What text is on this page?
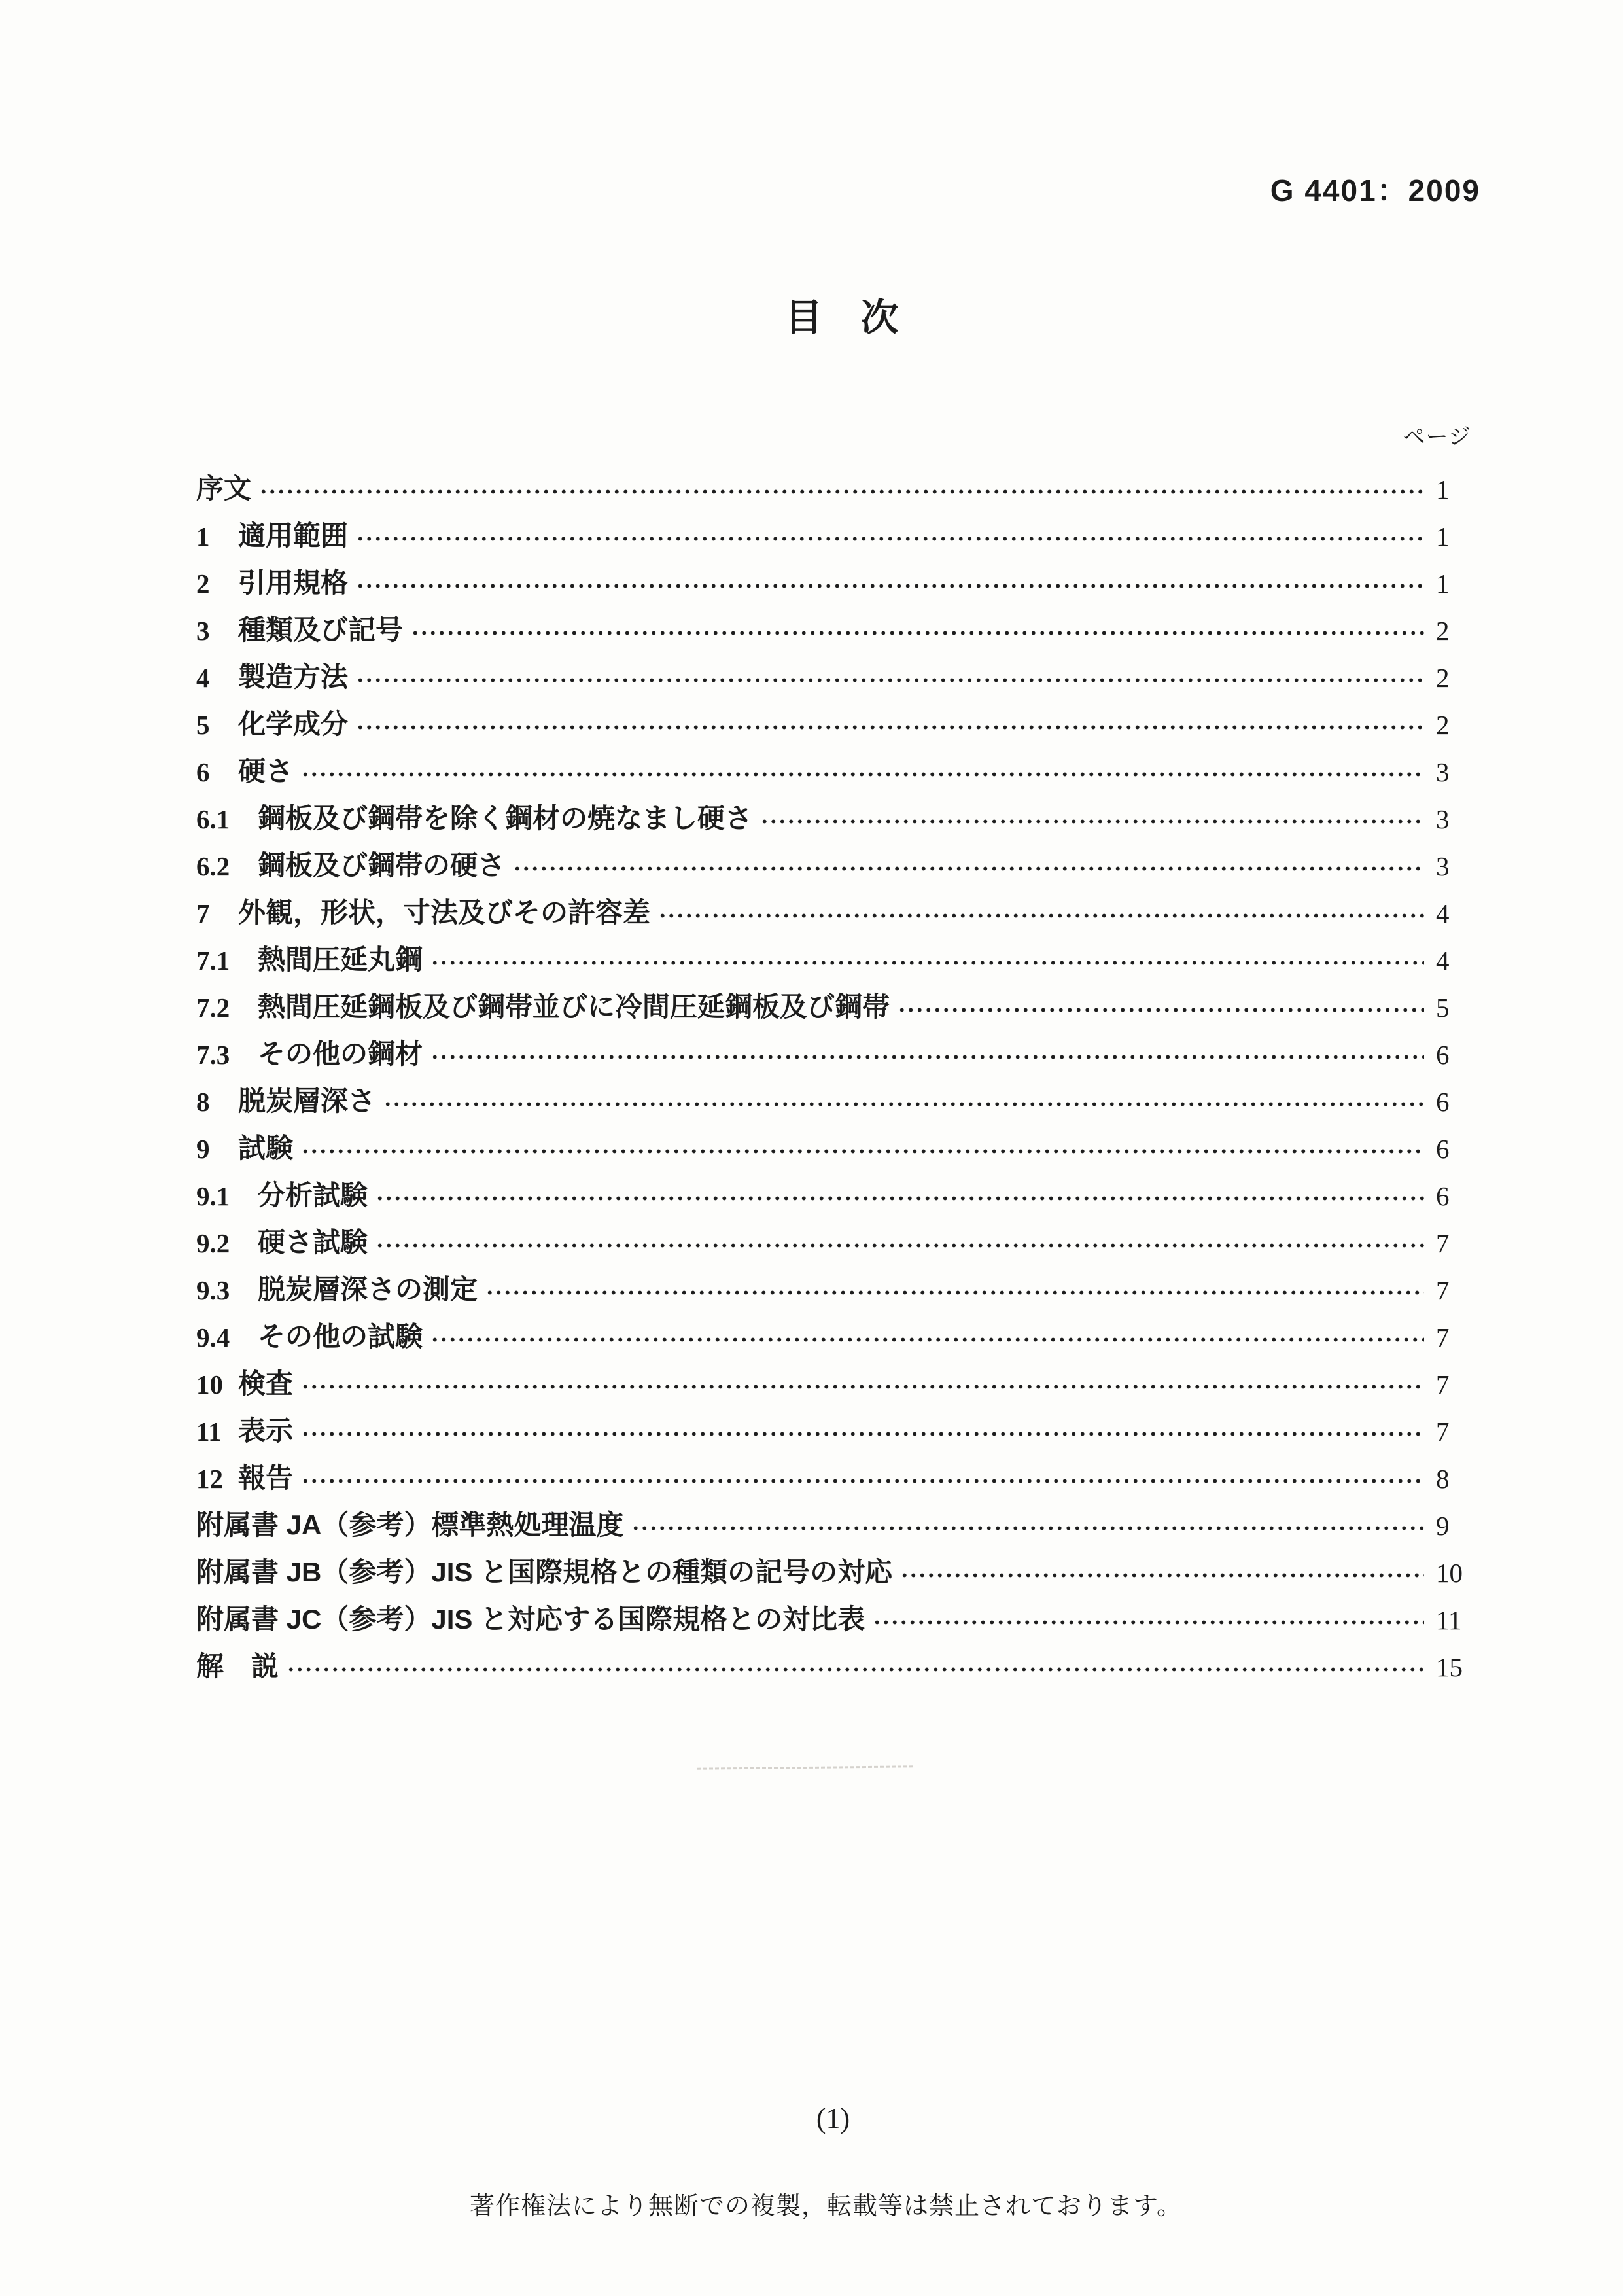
G 4401：2009
目　次
ページ
序文	1
1	適用範囲	1
2	引用規格	1
3	種類及び記号	2
4	製造方法	2
5	化学成分	2
6	硬さ	3
6.1	鋼板及び鋼帯を除く鋼材の焼なまし硬さ	3
6.2	鋼板及び鋼帯の硬さ	3
7	外観，形状，寸法及びその許容差	4
7.1	熱間圧延丸鋼	4
7.2	熱間圧延鋼板及び鋼帯並びに冷間圧延鋼板及び鋼帯	5
7.3	その他の鋼材	6
8	脱炭層深さ	6
9	試験	6
9.1	分析試験	6
9.2	硬さ試験	7
9.3	脱炭層深さの測定	7
9.4	その他の試験	7
10 検査	7
11 表示	7
12 報告	8
附属書 JA（参考）標準熱処理温度	9
附属書 JB（参考）JIS と国際規格との種類の記号の対応	10
附属書 JC（参考）JIS と対応する国際規格との対比表	11
解　説	15
(1)
著作権法により無断での複製，転載等は禁止されております。
